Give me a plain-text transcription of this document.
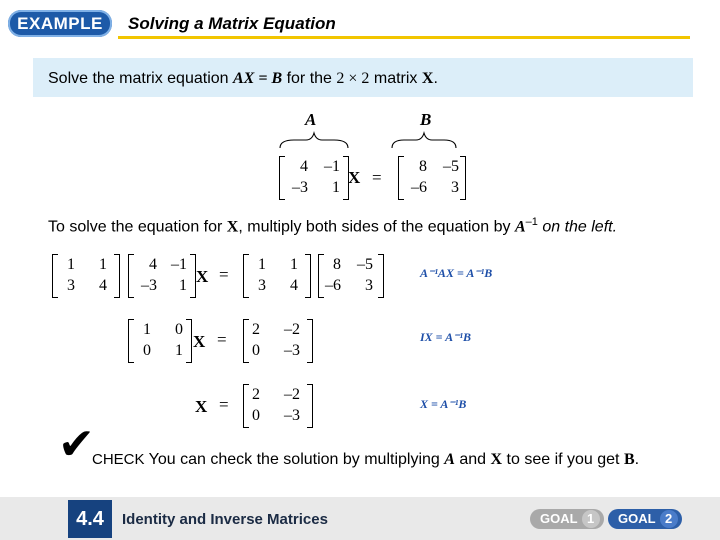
EXAMPLE	Solving a Matrix Equation
Solve the matrix equation AX = B for the 2 × 2 matrix X.
A	B
4	–1
–3	1
X =
8	–5
–6	3
To solve the equation for X, multiply both sides of the equation by $A^{-1}$ on the left.
1	1
3	4
4 –1
–3	1 X =
1	1
3	4
8	–5
–6	3
A⁻¹AX = A⁻¹B
1	0
0	1 X =
2	–2
0	–3
IX = A⁻¹B
X =
2	–2
0	–3
X = A⁻¹B
✔
CHECK You can check the solution by multiplying A and X to see if you get B.
4.4	Identity and Inverse Matrices	GOAL 1	GOAL 2
